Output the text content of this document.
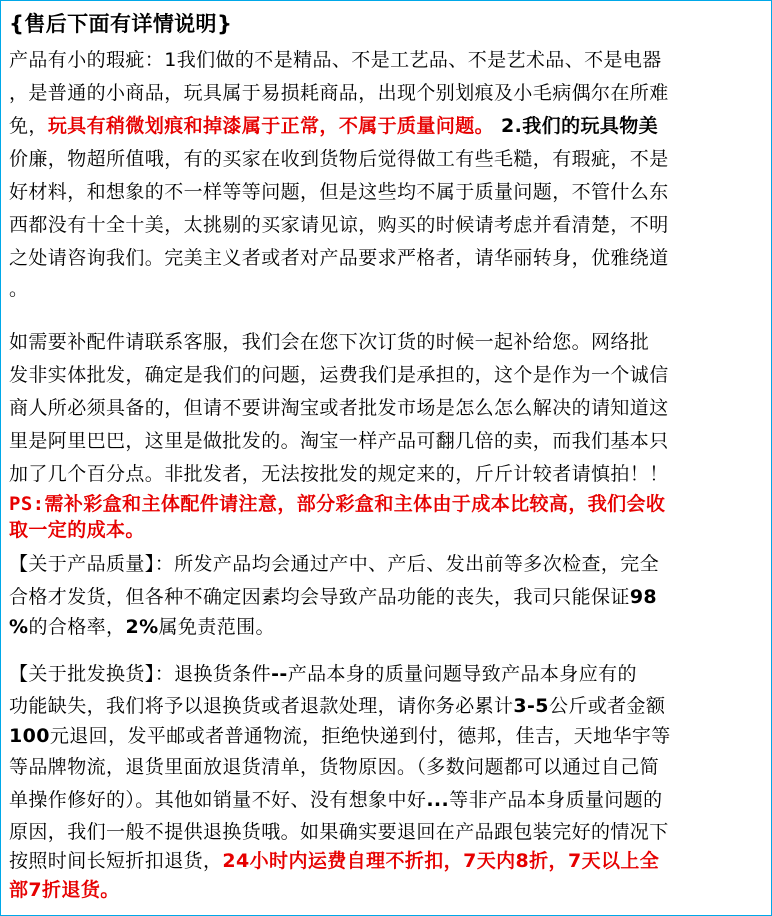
{售后下面有详情说明}
产品有小的瑕疵：1我们做的不是精品、不是工艺品、不是艺术品、不是电器
，是普通的小商品，玩具属于易损耗商品，出现个别划痕及小毛病偶尔在所难
免，玩具有稍微划痕和掉漆属于正常，不属于质量问题。 2.我们的玩具物美
价廉，物超所值哦，有的买家在收到货物后觉得做工有些毛糙，有瑕疵，不是
好材料，和想象的不一样等等问题，但是这些均不属于质量问题，不管什么东
西都没有十全十美，太挑剔的买家请见谅，购买的时候请考虑并看清楚，不明
之处请咨询我们。完美主义者或者对产品要求严格者，请华丽转身，优雅绕道
。
如需要补配件请联系客服，我们会在您下次订货的时候一起补给您。网络批
发非实体批发，确定是我们的问题，运费我们是承担的，这个是作为一个诚信
商人所必须具备的，但请不要讲淘宝或者批发市场是怎么怎么解决的请知道这
里是阿里巴巴，这里是做批发的。淘宝一样产品可翻几倍的卖，而我们基本只
加了几个百分点。非批发者，无法按批发的规定来的，斤斤计较者请慎拍！！
PS:需补彩盒和主体配件请注意，部分彩盒和主体由于成本比较高，我们会收
取一定的成本。
【关于产品质量】：所发产品均会通过产中、产后、发出前等多次检查，完全
合格才发货，但各种不确定因素均会导致产品功能的丧失，我司只能保证98
%的合格率，2%属免责范围。
【关于批发换货】：退换货条件--产品本身的质量问题导致产品本身应有的
功能缺失，我们将予以退换货或者退款处理，请你务必累计3-5公斤或者金额
100元退回，发平邮或者普通物流，拒绝快递到付，德邦，佳吉，天地华宇等
等品牌物流，退货里面放退货清单，货物原因。（多数问题都可以通过自己简
单操作修好的）。其他如销量不好、没有想象中好...等非产品本身质量问题的
原因，我们一般不提供退换货哦。如果确实要退回在产品跟包装完好的情况下
按照时间长短折扣退货，24小时内运费自理不折扣，7天内8折，7天以上全
部7折退货。
